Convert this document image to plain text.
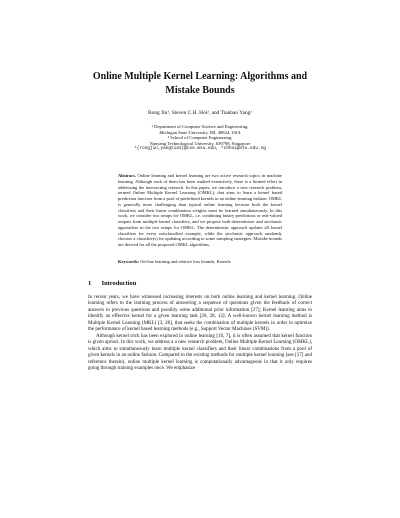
Online Multiple Kernel Learning: Algorithms and
Mistake Bounds
Rong Jin¹, Steven C.H. Hoi², and Tianbao Yang¹
¹ Department of Computer Science and Engineering,
Michigan State University, MI, 48824, USA
² School of Computer Engineering,
Nanyang Technological University, 639798, Singapore
¹{rongjin,yangtia1}@cse.msu.edu, ²chhoi@ntu.edu.sg
Abstract. Online learning and kernel learning are two active research topics in machine learning. Although each of them has been studied extensively, there is a limited effort in addressing the intersecting research. In this paper, we introduce a new research problem, termed Online Multiple Kernel Learning (OMKL), that aims to learn a kernel based prediction function from a pool of predefined kernels in an online learning fashion. OMKL is generally more challenging than typical online learning because both the kernel classifiers and their linear combination weights must be learned simultaneously. In this work, we consider two setups for OMKL, i.e. combining binary predictions or real-valued outputs from multiple kernel classifiers, and we propose both deterministic and stochastic approaches in the two setups for OMKL. The deterministic approach updates all kernel classifiers for every misclassified example, while the stochastic approach randomly chooses a classifier(s) for updating according to some sampling strategies. Mistake bounds are derived for all the proposed OMKL algorithms.
Keywords: On-line learning and relative loss bounds, Kernels
1 Introduction

In recent years, we have witnessed increasing interests on both online learning and kernel learning. Online learning refers to the learning process of answering a sequence of questions given the feedback of correct answers to previous questions and possibly some additional prior information [27]; Kernel learning aims to identify an effective kernel for a given learning task [20, 28, 12]. A well-known kernel learning method is Multiple Kernel Learning (MKL) [3, 28], that seeks the combination of multiple kernels in order to optimize the performance of kernel based learning methods (e.g., Support Vector Machines (SVM)).

Although kernel trick has been explored in online learning [10, 7], it is often assumed that kernel function is given apriori. In this work, we address a a new research problem, Online Multiple Kernel Learning (OMKL), which aims to simultaneously learn multiple kernel classifiers and their linear combinations from a pool of given kernels in an online fashion. Compared to the existing methods for multiple kernel learning (see [17] and reference therein), online multiple kernel learning is computationally advantageous in that it only requires going through training examples once. We emphasize
